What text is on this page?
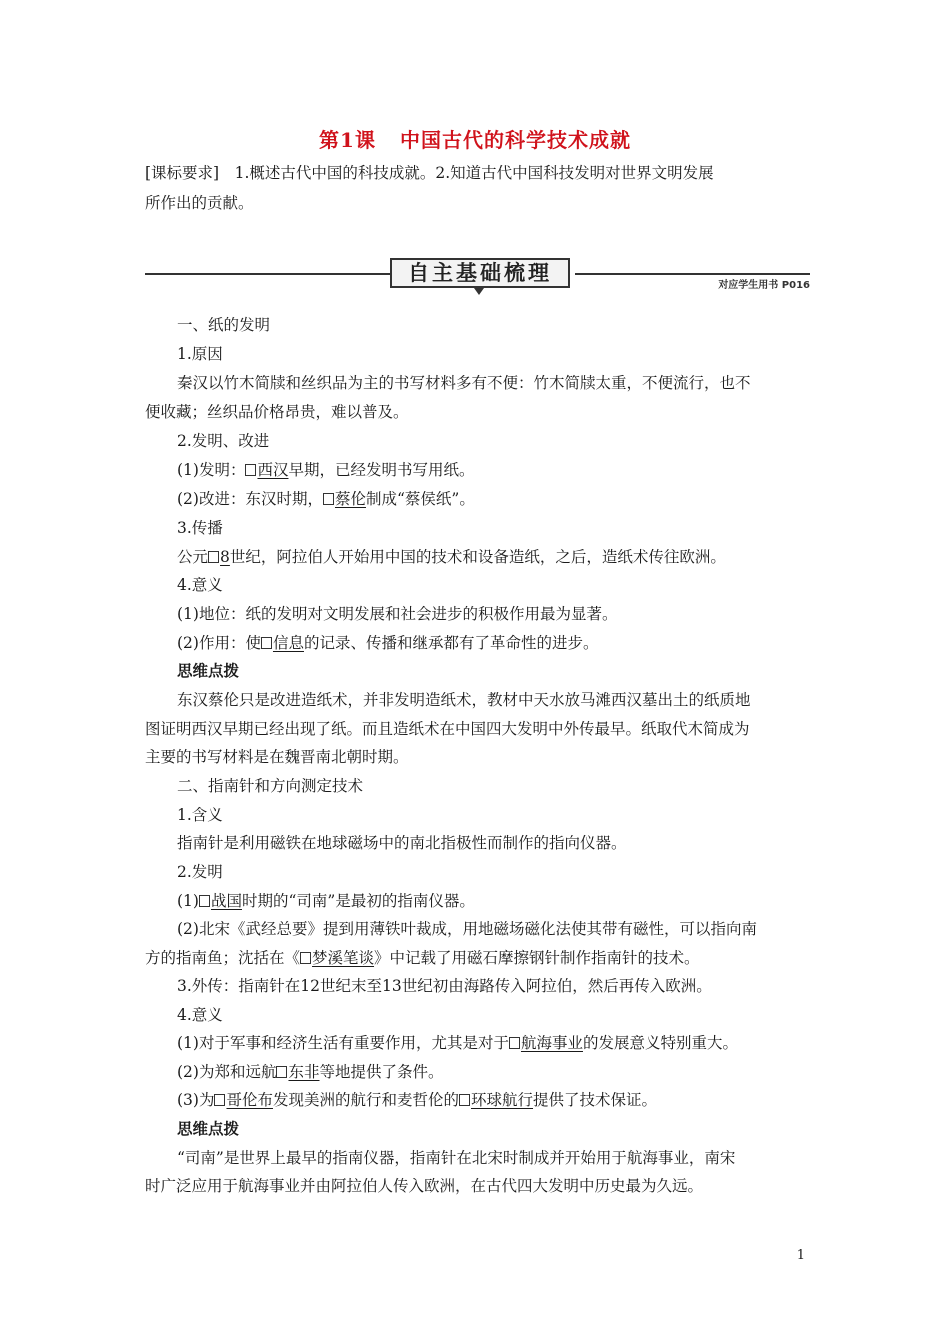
第1课 中国古代的科学技术成就
[课标要求]　1.概述古代中国的科技成就。2.知道古代中国科技发明对世界文明发展
所作出的贡献。
自主基础梳理
对应学生用书 P016
一、纸的发明
1.原因
秦汉以竹木简牍和丝织品为主的书写材料多有不便：竹木简牍太重，不便流行，也不
便收藏；丝织品价格昂贵，难以普及。
2.发明、改进
(1)发明： 西汉早期，已经发明书写用纸。
(2)改进：东汉时期， 蔡伦制成“蔡侯纸”。
3.传播
公元 8世纪，阿拉伯人开始用中国的技术和设备造纸，之后，造纸术传往欧洲。
4.意义
(1)地位：纸的发明对文明发展和社会进步的积极作用最为显著。
(2)作用：使 信息的记录、传播和继承都有了革命性的进步。
思维点拨
东汉蔡伦只是改进造纸术，并非发明造纸术，教材中天水放马滩西汉墓出土的纸质地
图证明西汉早期已经出现了纸。而且造纸术在中国四大发明中外传最早。纸取代木简成为
主要的书写材料是在魏晋南北朝时期。
二、指南针和方向测定技术
1.含义
指南针是利用磁铁在地球磁场中的南北指极性而制作的指向仪器。
2.发明
(1) 战国时期的“司南”是最初的指南仪器。
(2)北宋《武经总要》提到用薄铁叶裁成，用地磁场磁化法使其带有磁性，可以指向南
方的指南鱼；沈括在《 梦溪笔谈》中记载了用磁石摩擦钢针制作指南针的技术。
3.外传：指南针在12世纪末至13世纪初由海路传入阿拉伯，然后再传入欧洲。
4.意义
(1)对于军事和经济生活有重要作用，尤其是对于 航海事业的发展意义特别重大。
(2)为郑和远航 东非等地提供了条件。
(3)为 哥伦布发现美洲的航行和麦哲伦的 环球航行提供了技术保证。
思维点拨
“司南”是世界上最早的指南仪器，指南针在北宋时制成并开始用于航海事业，南宋
时广泛应用于航海事业并由阿拉伯人传入欧洲，在古代四大发明中历史最为久远。
1
